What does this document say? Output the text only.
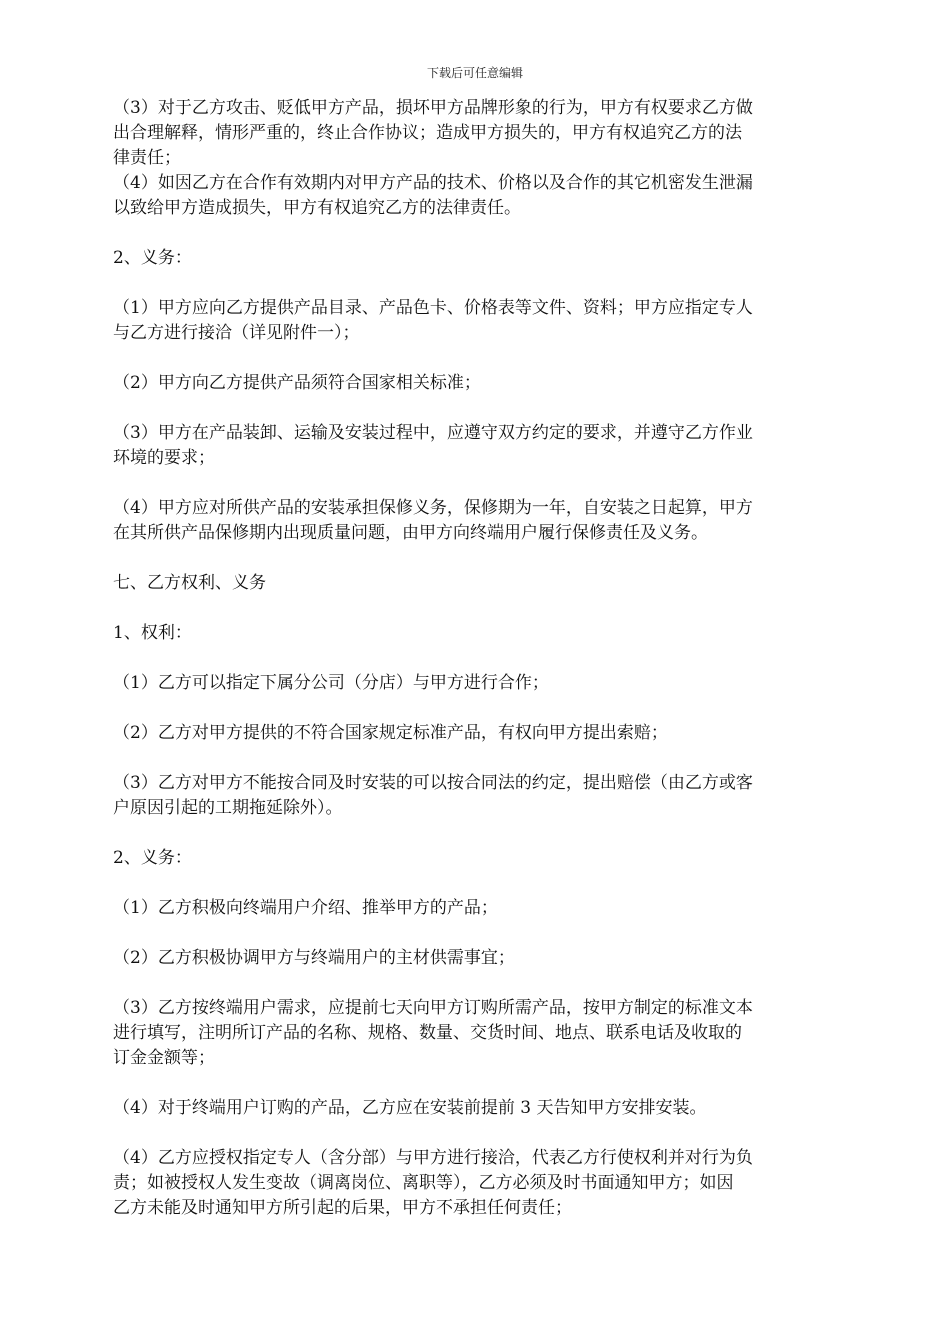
下载后可任意编辑

（3）对于乙方攻击、贬低甲方产品，损坏甲方品牌形象的行为，甲方有权要求乙方做
出合理解释，情形严重的，终止合作协议；造成甲方损失的，甲方有权追究乙方的法
律责任；

（4）如因乙方在合作有效期内对甲方产品的技术、价格以及合作的其它机密发生泄漏
以致给甲方造成损失，甲方有权追究乙方的法律责任。

2、义务：

（1）甲方应向乙方提供产品目录、产品色卡、价格表等文件、资料；甲方应指定专人
与乙方进行接洽（详见附件一）；

（2）甲方向乙方提供产品须符合国家相关标准；

（3）甲方在产品装卸、运输及安装过程中，应遵守双方约定的要求，并遵守乙方作业
环境的要求；

（4）甲方应对所供产品的安装承担保修义务，保修期为一年，自安装之日起算，甲方
在其所供产品保修期内出现质量问题，由甲方向终端用户履行保修责任及义务。

七、乙方权利、义务

1、权利：

（1）乙方可以指定下属分公司（分店）与甲方进行合作；

（2）乙方对甲方提供的不符合国家规定标准产品，有权向甲方提出索赔；

（3）乙方对甲方不能按合同及时安装的可以按合同法的约定，提出赔偿（由乙方或客
户原因引起的工期拖延除外）。

2、义务：

（1）乙方积极向终端用户介绍、推举甲方的产品；

（2）乙方积极协调甲方与终端用户的主材供需事宜；

（3）乙方按终端用户需求，应提前七天向甲方订购所需产品，按甲方制定的标准文本
进行填写，注明所订产品的名称、规格、数量、交货时间、地点、联系电话及收取的
订金金额等；

（4）对于终端用户订购的产品，乙方应在安装前提前 3 天告知甲方安排安装。

（4）乙方应授权指定专人（含分部）与甲方进行接洽，代表乙方行使权利并对行为负
责；如被授权人发生变故（调离岗位、离职等），乙方必须及时书面通知甲方；如因
乙方未能及时通知甲方所引起的后果，甲方不承担任何责任；
